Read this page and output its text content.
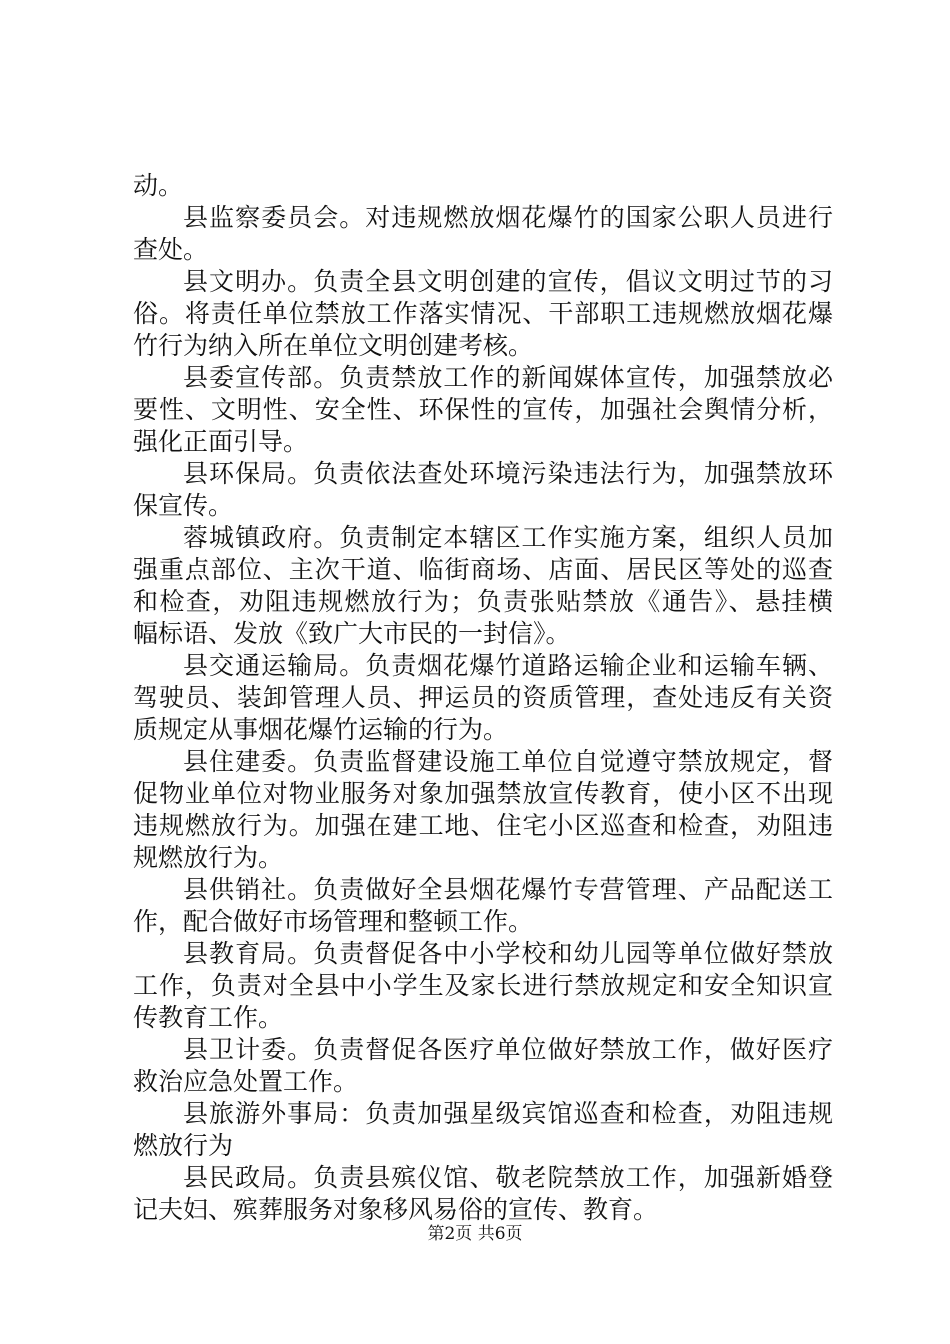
动。
县监察委员会。对违规燃放烟花爆竹的国家公职人员进行
查处。
县文明办。负责全县文明创建的宣传，倡议文明过节的习
俗。将责任单位禁放工作落实情况、干部职工违规燃放烟花爆
竹行为纳入所在单位文明创建考核。
县委宣传部。负责禁放工作的新闻媒体宣传，加强禁放必
要性、文明性、安全性、环保性的宣传，加强社会舆情分析，
强化正面引导。
县环保局。负责依法查处环境污染违法行为，加强禁放环
保宣传。
蓉城镇政府。负责制定本辖区工作实施方案，组织人员加
强重点部位、主次干道、临街商场、店面、居民区等处的巡查
和检查，劝阻违规燃放行为；负责张贴禁放《通告》、悬挂横
幅标语、发放《致广大市民的一封信》。
县交通运输局。负责烟花爆竹道路运输企业和运输车辆、
驾驶员、装卸管理人员、押运员的资质管理，查处违反有关资
质规定从事烟花爆竹运输的行为。
县住建委。负责监督建设施工单位自觉遵守禁放规定，督
促物业单位对物业服务对象加强禁放宣传教育，使小区不出现
违规燃放行为。加强在建工地、住宅小区巡查和检查，劝阻违
规燃放行为。
县供销社。负责做好全县烟花爆竹专营管理、产品配送工
作，配合做好市场管理和整顿工作。
县教育局。负责督促各中小学校和幼儿园等单位做好禁放
工作，负责对全县中小学生及家长进行禁放规定和安全知识宣
传教育工作。
县卫计委。负责督促各医疗单位做好禁放工作，做好医疗
救治应急处置工作。
县旅游外事局：负责加强星级宾馆巡查和检查，劝阻违规
燃放行为
县民政局。负责县殡仪馆、敬老院禁放工作，加强新婚登
记夫妇、殡葬服务对象移风易俗的宣传、教育。
第2页 共6页
